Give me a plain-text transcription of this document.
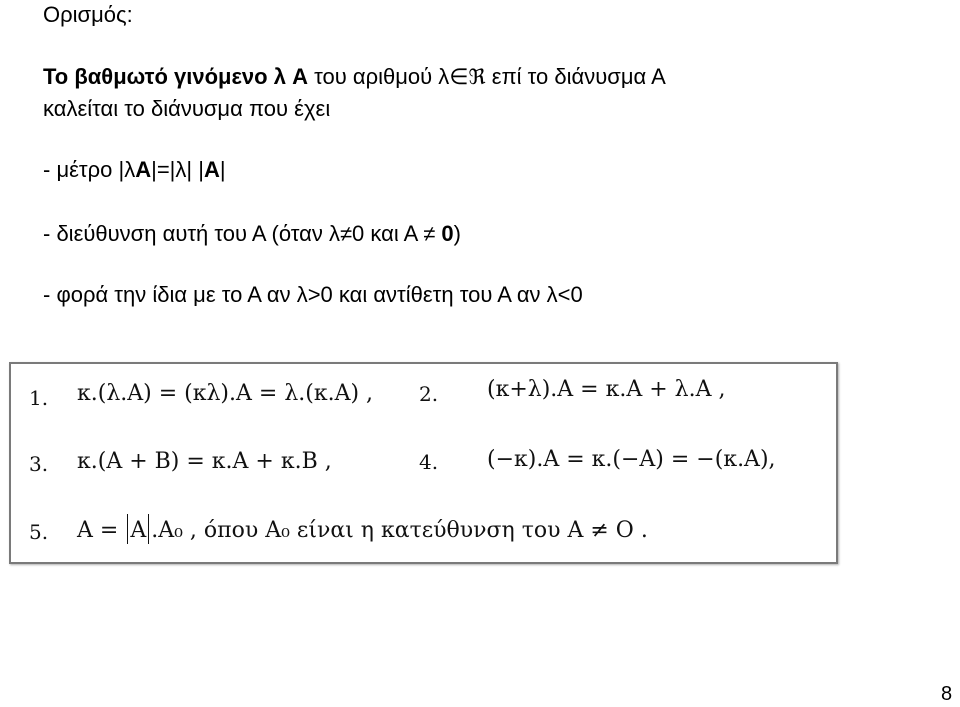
Ορισμός:
Το βαθμωτό γινόμενο λ Α του αριθμού λ∈ℜ επί το διάνυσμα Α
καλείται το διάνυσμα που έχει
- μέτρο |λΑ|=|λ| |Α|
- διεύθυνση αυτή του Α (όταν λ≠0 και Α ≠ 0)
- φορά την ίδια με το Α αν λ>0 και αντίθετη του Α αν λ<0
1. κ.(λ.Α) = (κλ).Α = λ.(κ.Α) , 2. (κ+λ).Α = κ.Α + λ.Α ,
3. κ.(Α + Β) = κ.Α + κ.Β ,	4. (−κ).Α = κ.(−Α) = −(κ.Α),
5. Α = Α .Α₀ , όπου Α₀ είναι η κατεύθυνση του Α ≠ Ο .
8
